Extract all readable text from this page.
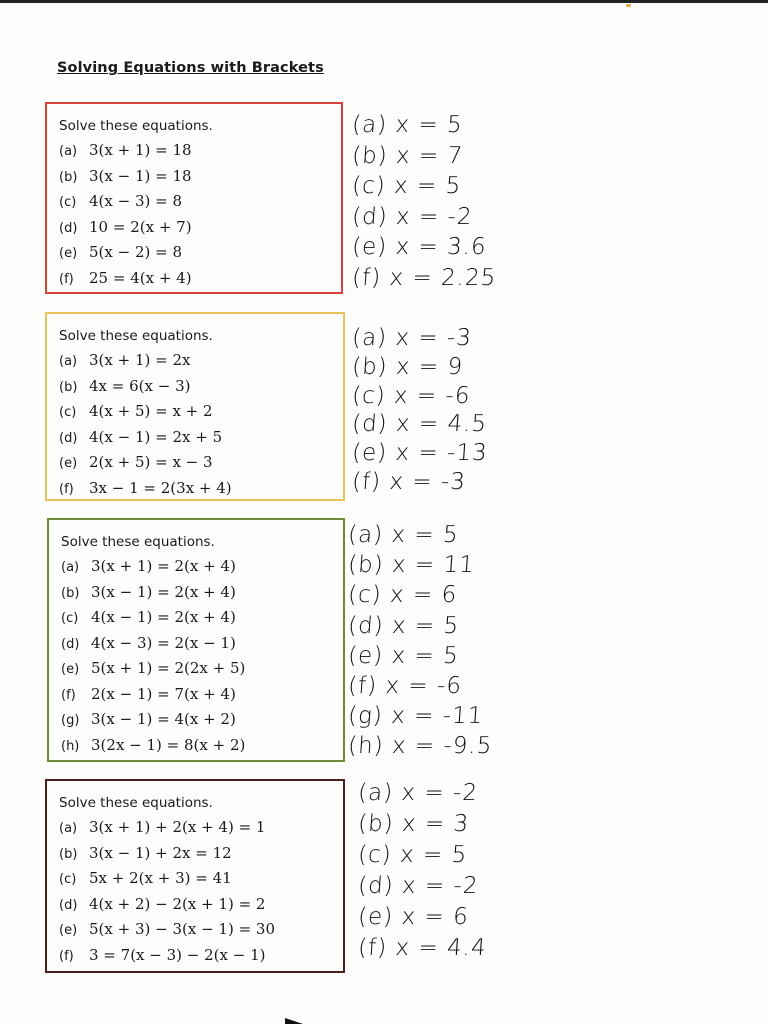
Solving Equations with Brackets
Solve these equations.
(a) 3(x + 1) = 18
(b) 3(x − 1) = 18
(c) 4(x − 3) = 8
(d) 10 = 2(x + 7)
(e) 5(x − 2) = 8
(f) 25 = 4(x + 4)
(a) x = 5
(b) x = 7
(c) x = 5
(d) x = -2
(e) x = 3.6
(f) x = 2.25
Solve these equations.
(a) 3(x + 1) = 2x
(b) 4x = 6(x − 3)
(c) 4(x + 5) = x + 2
(d) 4(x − 1) = 2x + 5
(e) 2(x + 5) = x − 3
(f) 3x − 1 = 2(3x + 4)
(a) x = -3
(b) x = 9
(c) x = -6
(d) x = 4.5
(e) x = -13
(f) x = -3
Solve these equations.
(a) 3(x + 1) = 2(x + 4)
(b) 3(x − 1) = 2(x + 4)
(c) 4(x − 1) = 2(x + 4)
(d) 4(x − 3) = 2(x − 1)
(e) 5(x + 1) = 2(2x + 5)
(f) 2(x − 1) = 7(x + 4)
(g) 3(x − 1) = 4(x + 2)
(h) 3(2x − 1) = 8(x + 2)
(a) x = 5
(b) x = 11
(c) x = 6
(d) x = 5
(e) x = 5
(f) x = -6
(g) x = -11
(h) x = -9.5
Solve these equations.
(a) 3(x + 1) + 2(x + 4) = 1
(b) 3(x − 1) + 2x = 12
(c) 5x + 2(x + 3) = 41
(d) 4(x + 2) − 2(x + 1) = 2
(e) 5(x + 3) − 3(x − 1) = 30
(f) 3 = 7(x − 3) − 2(x − 1)
(a) x = -2
(b) x = 3
(c) x = 5
(d) x = -2
(e) x = 6
(f) x = 4.4
